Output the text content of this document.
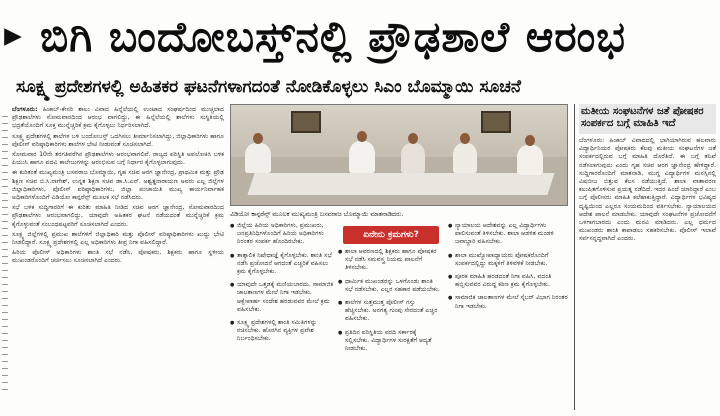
ಬಿಗಿ ಬಂದೋಬಸ್ತ್‌ನಲ್ಲಿ ಪ್ರೌಢಶಾಲೆ ಆರಂಭ
ಸೂಕ್ಷ್ಮ ಪ್ರದೇಶಗಳಲ್ಲಿ ಅಹಿತಕರ ಘಟನೆಗಳಾಗದಂತೆ ನೋಡಿಕೊಳ್ಳಲು ಸಿಎಂ ಬೊಮ್ಮಾಯಿ ಸೂಚನೆ

ಬೆಂಗಳೂರು: ಹಿಜಾಬ್-ಕೇಸರಿ ಶಾಲು ವಿವಾದ ಹಿನ್ನೆಲೆಯಲ್ಲಿ ಉಂಟಾದ ಸಂಘರ್ಷದಿಂದ ಮುಚ್ಚಲಾದ ಪ್ರೌಢಶಾಲೆಗಳು ಸೋಮವಾರದಿಂದ ಆರಂಭ ವಾಗಲಿದ್ದು, ಈ ಹಿನ್ನೆಲೆಯಲ್ಲಿ ಶಾಲೆಗಳು ಸುಸ್ಥಿತಿಯಲ್ಲಿ ಭದ್ರತೆಯೊಂದಿಗೆ ಸೂಕ್ತ ಮುನ್ನೆಚ್ಚರಿಕೆ ಕ್ರಮ ಕೈಗೊಳ್ಳಲು ನಿರ್ಧರಿಸಲಾಗಿದೆ.

ಸೂಕ್ಷ್ಮ ಪ್ರದೇಶಗಳಲ್ಲಿ ಶಾಲೆಗಳ ಬಳಿ ಬಂದೋಬಸ್ತ್ ಒದಗಿಸಲು ತೀರ್ಮಾನಿಸಲಾಗಿದ್ದು, ಜಿಲ್ಲಾಧಿಕಾರಿಗಳು ಹಾಗೂ ಪೊಲೀಸ್ ವರಿಷ್ಠಾಧಿಕಾರಿಗಳು ಶಾಲೆಗಳ ಭೇಟಿ ನೀಡುವಂತೆ ಸೂಚಿಸಲಾಗಿದೆ.

ಸೋಮವಾರ 10ನೇ ತರಗತಿವರೆಗಿನ ಪ್ರೌಢಶಾಲೆಗಳು ಆರಂಭವಾಗಲಿವೆ. ರಾಜ್ಯದ ಪರಿಸ್ಥಿತಿ ಅವಲೋಕಿಸಿ ಬಳಿಕ ಪಿಯುಸಿ ಹಾಗೂ ಪದವಿ ಕಾಲೇಜುಗಳನ್ನು ಆರಂಭಿಸುವ ಬಗ್ಗೆ ನಿರ್ಧಾರ ಕೈಗೊಳ್ಳಲಾಗುವುದು.

ಈ ಕುರಿತಂತೆ ಮುಖ್ಯಮಂತ್ರಿ ಬಸವರಾಜ ಬೊಮ್ಮಾಯಿ, ಗೃಹ ಸಚಿವ ಆರಗ ಜ್ಞಾನೇಂದ್ರ, ಪ್ರಾಥಮಿಕ ಮತ್ತು ಪ್ರೌಢ ಶಿಕ್ಷಣ ಸಚಿವ ಬಿ.ಸಿ.ನಾಗೇಶ್, ಉನ್ನತ ಶಿಕ್ಷಣ ಸಚಿವ ಡಾ.ಸಿ.ಎನ್. ಅಶ್ವತ್ಥನಾರಾಯಣ ಅವರು ಎಲ್ಲ ಜಿಲ್ಲೆಗಳ ಜಿಲ್ಲಾಧಿಕಾರಿಗಳು, ಪೊಲೀಸ್ ವರಿಷ್ಠಾಧಿಕಾರಿಗಳು, ಜಿಲ್ಲಾ ಪಂಚಾಯಿತಿ ಮುಖ್ಯ ಕಾರ್ಯನಿರ್ವಾಹಕ ಅಧಿಕಾರಿಗಳೊಂದಿಗೆ ವಿಡಿಯೋ ಕಾನ್ಫರೆನ್ಸ್ ಮೂಲಕ ಸಭೆ ನಡೆಸಿದರು.

ಸಭೆ ಬಳಿಕ ಸುದ್ದಿಗಾರರಿಗೆ ಈ ಕುರಿತು ಮಾಹಿತಿ ನೀಡಿದ ಸಚಿವ ಆರಗ ಜ್ಞಾನೇಂದ್ರ, ಸೋಮವಾರದಿಂದ ಪ್ರೌಢಶಾಲೆಗಳು ಆರಂಭವಾಗಲಿದ್ದು, ಯಾವುದೇ ಅಹಿತಕರ ಘಟನೆ ನಡೆಯದಂತೆ ಮುನ್ನೆಚ್ಚರಿಕೆ ಕ್ರಮ ಕೈಗೊಳ್ಳುವಂತೆ ಸಂಬಂಧಪಟ್ಟವರಿಗೆ ಸೂಚಿಸಲಾಗಿದೆ ಎಂದರು.

ಸೂಕ್ಷ್ಮ ಜಿಲ್ಲೆಗಳಲ್ಲಿ ಪ್ರಮುಖ ಶಾಲೆಗಳಿಗೆ ಜಿಲ್ಲಾಧಿಕಾರಿ ಮತ್ತು ಪೊಲೀಸ್ ವರಿಷ್ಠಾಧಿಕಾರಿಗಳು ಖುದ್ದು ಭೇಟಿ ನೀಡಲಿದ್ದಾರೆ. ಸೂಕ್ಷ್ಮ ಪ್ರದೇಶಗಳಲ್ಲಿ ಎಲ್ಲ ಅಧಿಕಾರಿಗಳು ತೀವ್ರ ನಿಗಾ ವಹಿಸಲಿದ್ದಾರೆ.

ಹಿರಿಯ ಪೊಲೀಸ್ ಅಧಿಕಾರಿಗಳು ಶಾಂತಿ ಸಭೆ ನಡೆಸಿ, ಪೋಷಕರು, ಶಿಕ್ಷಕರು ಹಾಗೂ ಸ್ಥಳೀಯ ಮುಖಂಡರೊಂದಿಗೆ ಚರ್ಚಿಸಲು ಸೂಚಿಸಲಾಗಿದೆ ಎಂದರು.

ವಿಡಿಯೋ ಕಾನ್ಫರೆನ್ಸ್ ಮೂಲಕ ಮುಖ್ಯಮಂತ್ರಿ ಬಸವರಾಜ ಬೊಮ್ಮಾಯಿ ಮಾತನಾಡಿದರು.
● ಜಿಲ್ಲೆಯ ಹಿರಿಯ ಅಧಿಕಾರಿಗಳು, ಪ್ರಮುಖರು, ಜನಪ್ರತಿನಿಧಿಗಳೊಂದಿಗೆ ಹಿರಿಯ ಅಧಿಕಾರಿಗಳು ನಿರಂತರ ಸಂಪರ್ಕ ಹೊಂದಿರಬೇಕು.
● ತಾತ್ಕಾಲಿಕ ನಿಷೇಧಾಜ್ಞೆ ಕೈಗೊಳ್ಳಬೇಕು. ಶಾಂತಿ ಸಭೆ ನಡೆಸಿ ಪ್ರಚೋದನೆ ಆಗದಂತೆ ಎಚ್ಚರಿಕೆ ವಹಿಸಲು ಕ್ರಮ ಕೈಗೊಳ್ಳಬೇಕು.
● ಯಾವುದೇ ಒತ್ತಡಕ್ಕೆ ಮಣಿಯಬಾರದು. ಸಾಮಾಜಿಕ ಜಾಲತಾಣಗಳ ಮೇಲೆ ನಿಗಾ ಇಡಬೇಕು. ಆಕ್ಷೇಪಾರ್ಹ ಸಂದೇಶ ಹರಡುವವರ ಮೇಲೆ ಕ್ರಮ ವಹಿಸಬೇಕು.
● ಸೂಕ್ಷ್ಮ ಪ್ರದೇಶಗಳಲ್ಲಿ ಶಾಂತಿ ಸಮಿತಿಗಳನ್ನು ರಚಿಸಬೇಕು. ಹೊರಗಿನ ವ್ಯಕ್ತಿಗಳ ಪ್ರವೇಶ ನಿರ್ಬಂಧಿಸಬೇಕು.
ಏನೇನು ಕ್ರಮಗಳು?
● ಶಾಲಾ ಆವರಣದಲ್ಲಿ ಶಿಕ್ಷಕರು ಹಾಗೂ ಪೋಷಕರ ಸಭೆ ನಡೆಸಿ ಸಮವಸ್ತ್ರ ನಿಯಮ ಪಾಲನೆಗೆ ತಿಳಿಸಬೇಕು.
● ಧಾರ್ಮಿಕ ಮುಖಂಡರನ್ನು ಒಳಗೊಂಡು ಶಾಂತಿ ಸಭೆ ನಡೆಸಬೇಕು. ಎಲ್ಲರ ಸಹಕಾರ ಪಡೆಯಬೇಕು.
● ಶಾಲೆಗಳ ಸುತ್ತಮುತ್ತ ಪೊಲೀಸ್ ಗಸ್ತು ಹೆಚ್ಚಿಸಬೇಕು. ಅನಗತ್ಯ ಗುಂಪು ಸೇರದಂತೆ ಎಚ್ಚರ ವಹಿಸಬೇಕು.
● ಪ್ರತಿದಿನ ಪರಿಸ್ಥಿತಿಯ ವರದಿ ಸರ್ಕಾರಕ್ಕೆ ಸಲ್ಲಿಸಬೇಕು. ವಿದ್ಯಾರ್ಥಿಗಳ ಸುರಕ್ಷತೆಗೆ ಆದ್ಯತೆ ನೀಡಬೇಕು.
● ನ್ಯಾಯಾಲಯ ಆದೇಶವನ್ನು ಎಲ್ಲ ವಿದ್ಯಾರ್ಥಿಗಳು ಪಾಲಿಸುವಂತೆ ತಿಳಿಸಬೇಕು. ಶಾಲಾ ಆಡಳಿತ ಮಂಡಳಿ ಜವಾಬ್ದಾರಿ ವಹಿಸಬೇಕು.
● ಶಾಲಾ ಮುಖ್ಯೋಪಾಧ್ಯಾಯರು ಪೋಷಕರೊಂದಿಗೆ ಸಂಪರ್ಕದಲ್ಲಿದ್ದು ಮಕ್ಕಳಿಗೆ ತಿಳಿವಳಿಕೆ ನೀಡಬೇಕು.
● ಪೂರಕ ಮಾಹಿತಿ ಹರಡದಂತೆ ನಿಗಾ ವಹಿಸಿ, ವದಂತಿ ಹಬ್ಬಿಸುವವರ ವಿರುದ್ಧ ಕಠಿಣ ಕ್ರಮ ಕೈಗೊಳ್ಳಬೇಕು.
● ಸಾಮಾಜಿಕ ಜಾಲತಾಣಗಳ ಮೇಲೆ ಸೈಬರ್ ವಿಭಾಗ ನಿರಂತರ ನಿಗಾ ಇಡಬೇಕು.
ಮತೀಯ ಸಂಘಟನೆಗಳ ಜತೆ ಪೋಷಕರ ಸಂಪರ್ಕದ ಬಗ್ಗೆ ಮಾಹಿತಿ ಇದೆ
ಬೆಂಗಳೂರು: ಹಿಜಾಬ್ ವಿವಾದದಲ್ಲಿ ಭಾಗಿಯಾಗಿರುವ ಹಲವಾರು ವಿದ್ಯಾರ್ಥಿನಿಯರ ಪೋಷಕರು ಕೆಲವು ಮತೀಯ ಸಂಘಟನೆಗಳ ಜತೆ ಸಂಪರ್ಕದಲ್ಲಿರುವ ಬಗ್ಗೆ ಮಾಹಿತಿ ದೊರೆತಿದೆ. ಈ ಬಗ್ಗೆ ತನಿಖೆ ನಡೆಸಲಾಗುವುದು ಎಂದು ಗೃಹ ಸಚಿವ ಆರಗ ಜ್ಞಾನೇಂದ್ರ ಹೇಳಿದ್ದಾರೆ. ಸುದ್ದಿಗಾರರೊಂದಿಗೆ ಮಾತನಾಡಿ, ಮುಗ್ಧ ವಿದ್ಯಾರ್ಥಿಗಳ ಮನಸ್ಸಿನಲ್ಲಿ ವಿಷಬೀಜ ಬಿತ್ತುವ ಕೆಲಸ ನಡೆಯುತ್ತಿದೆ. ಶಾಲಾ ವಾತಾವರಣ ಕಲುಷಿತಗೊಳಿಸುವ ಪ್ರಯತ್ನ ನಡೆದಿದೆ. ಇದರ ಹಿಂದೆ ಯಾರಿದ್ದಾರೆ ಎಂಬ ಬಗ್ಗೆ ಪೊಲೀಸರು ಮಾಹಿತಿ ಕಲೆಹಾಕುತ್ತಿದ್ದಾರೆ. ವಿದ್ಯಾರ್ಥಿಗಳ ಭವಿಷ್ಯದ ದೃಷ್ಟಿಯಿಂದ ಎಲ್ಲರೂ ಸಂಯಮದಿಂದ ವರ್ತಿಸಬೇಕು. ನ್ಯಾಯಾಲಯದ ಆದೇಶ ಪಾಲನೆ ಮಾಡಬೇಕು. ಯಾವುದೇ ಸಂಘಟನೆಗಳ ಪ್ರಚೋದನೆಗೆ ಒಳಗಾಗಬಾರದು ಎಂದು ಮನವಿ ಮಾಡಿದರು. ಎಲ್ಲ ಧರ್ಮದ ಮುಖಂಡರು ಶಾಂತಿ ಕಾಪಾಡಲು ಸಹಕರಿಸಬೇಕು. ಪೊಲೀಸ್ ಇಲಾಖೆ ಸರ್ವಸನ್ನದ್ಧವಾಗಿದೆ ಎಂದರು.
